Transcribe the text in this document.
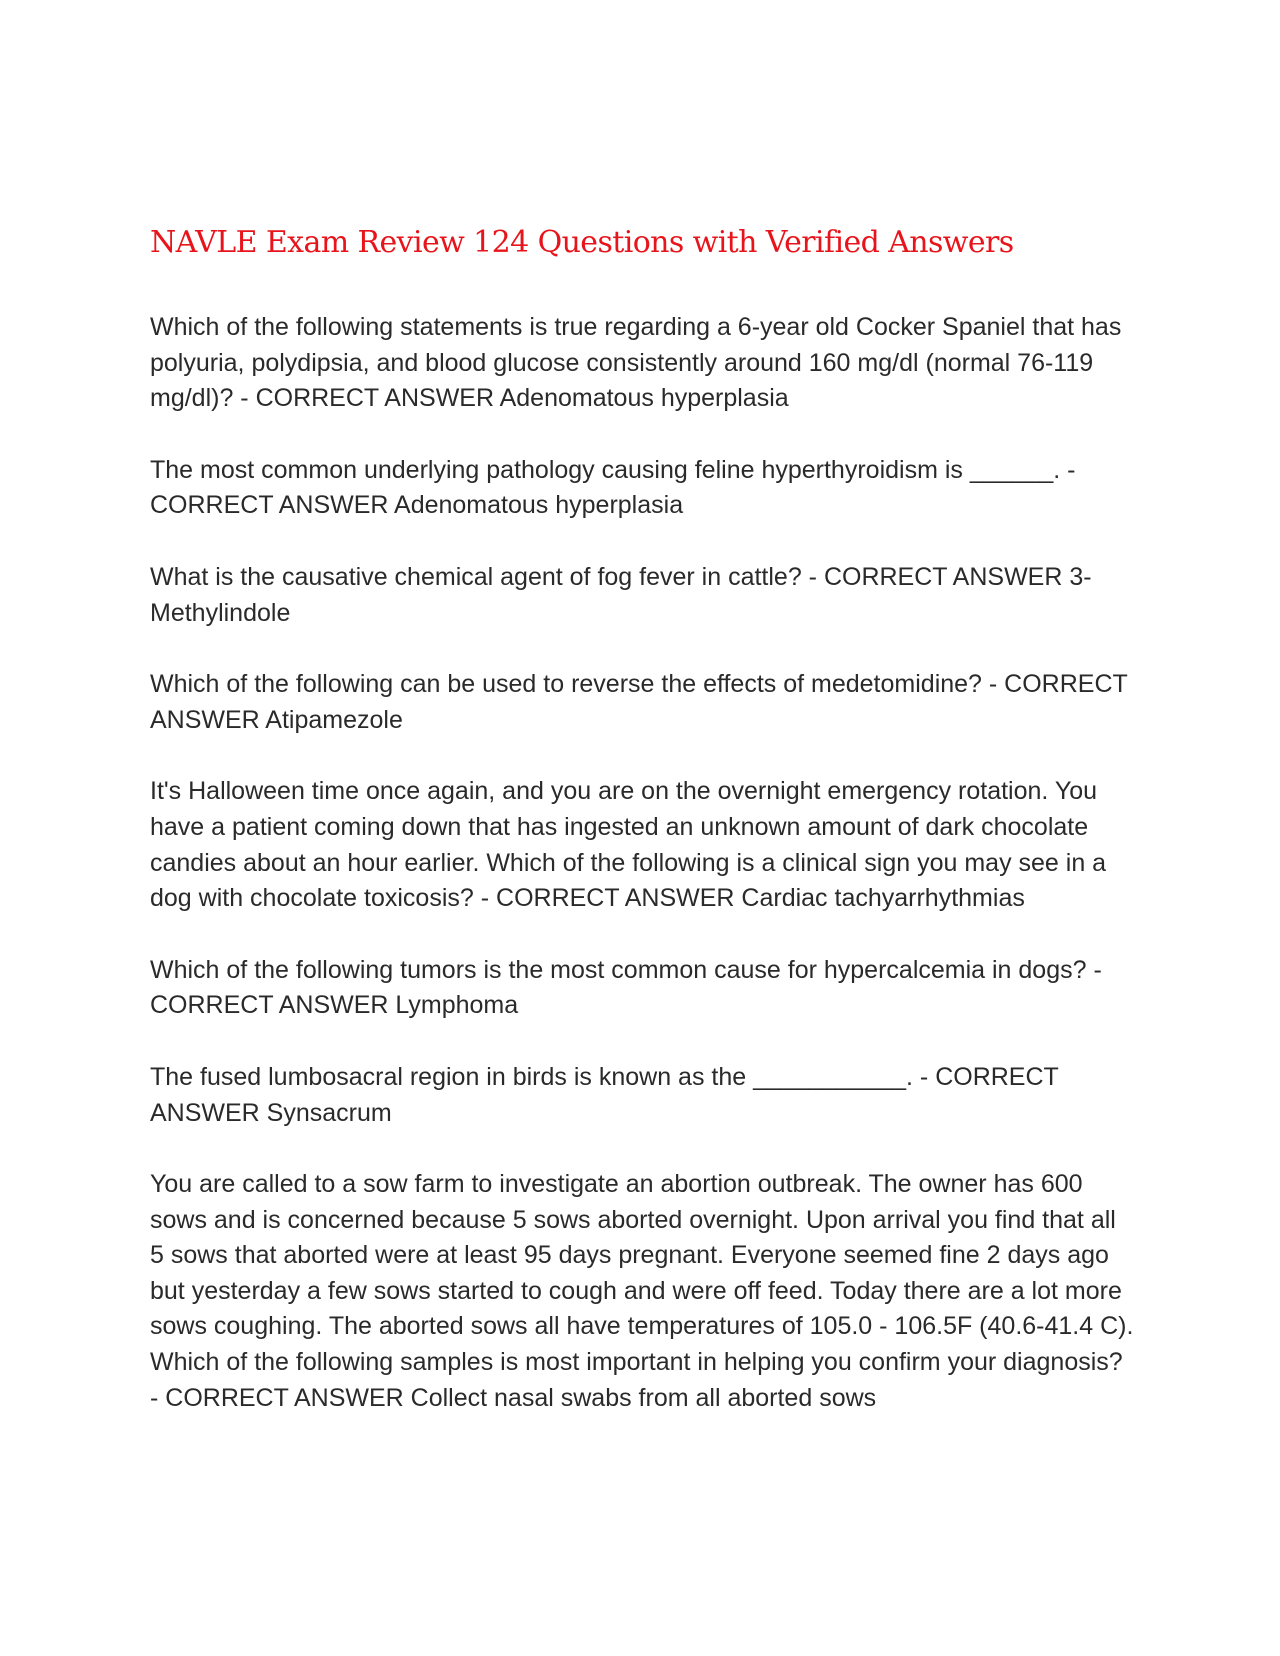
NAVLE Exam Review 124 Questions with Verified Answers

Which of the following statements is true regarding a 6-year old Cocker Spaniel that has polyuria, polydipsia, and blood glucose consistently around 160 mg/dl (normal 76-119 mg/dl)? - CORRECT ANSWER Adenomatous hyperplasia

The most common underlying pathology causing feline hyperthyroidism is ______. - CORRECT ANSWER Adenomatous hyperplasia

What is the causative chemical agent of fog fever in cattle? - CORRECT ANSWER 3-Methylindole

Which of the following can be used to reverse the effects of medetomidine? - CORRECT ANSWER Atipamezole

It's Halloween time once again, and you are on the overnight emergency rotation. You have a patient coming down that has ingested an unknown amount of dark chocolate candies about an hour earlier. Which of the following is a clinical sign you may see in a dog with chocolate toxicosis? - CORRECT ANSWER Cardiac tachyarrhythmias

Which of the following tumors is the most common cause for hypercalcemia in dogs? - CORRECT ANSWER Lymphoma

The fused lumbosacral region in birds is known as the ___________. - CORRECT ANSWER Synsacrum

You are called to a sow farm to investigate an abortion outbreak. The owner has 600 sows and is concerned because 5 sows aborted overnight. Upon arrival you find that all 5 sows that aborted were at least 95 days pregnant. Everyone seemed fine 2 days ago but yesterday a few sows started to cough and were off feed. Today there are a lot more sows coughing. The aborted sows all have temperatures of 105.0 - 106.5F (40.6-41.4 C). Which of the following samples is most important in helping you confirm your diagnosis? - CORRECT ANSWER Collect nasal swabs from all aborted sows
